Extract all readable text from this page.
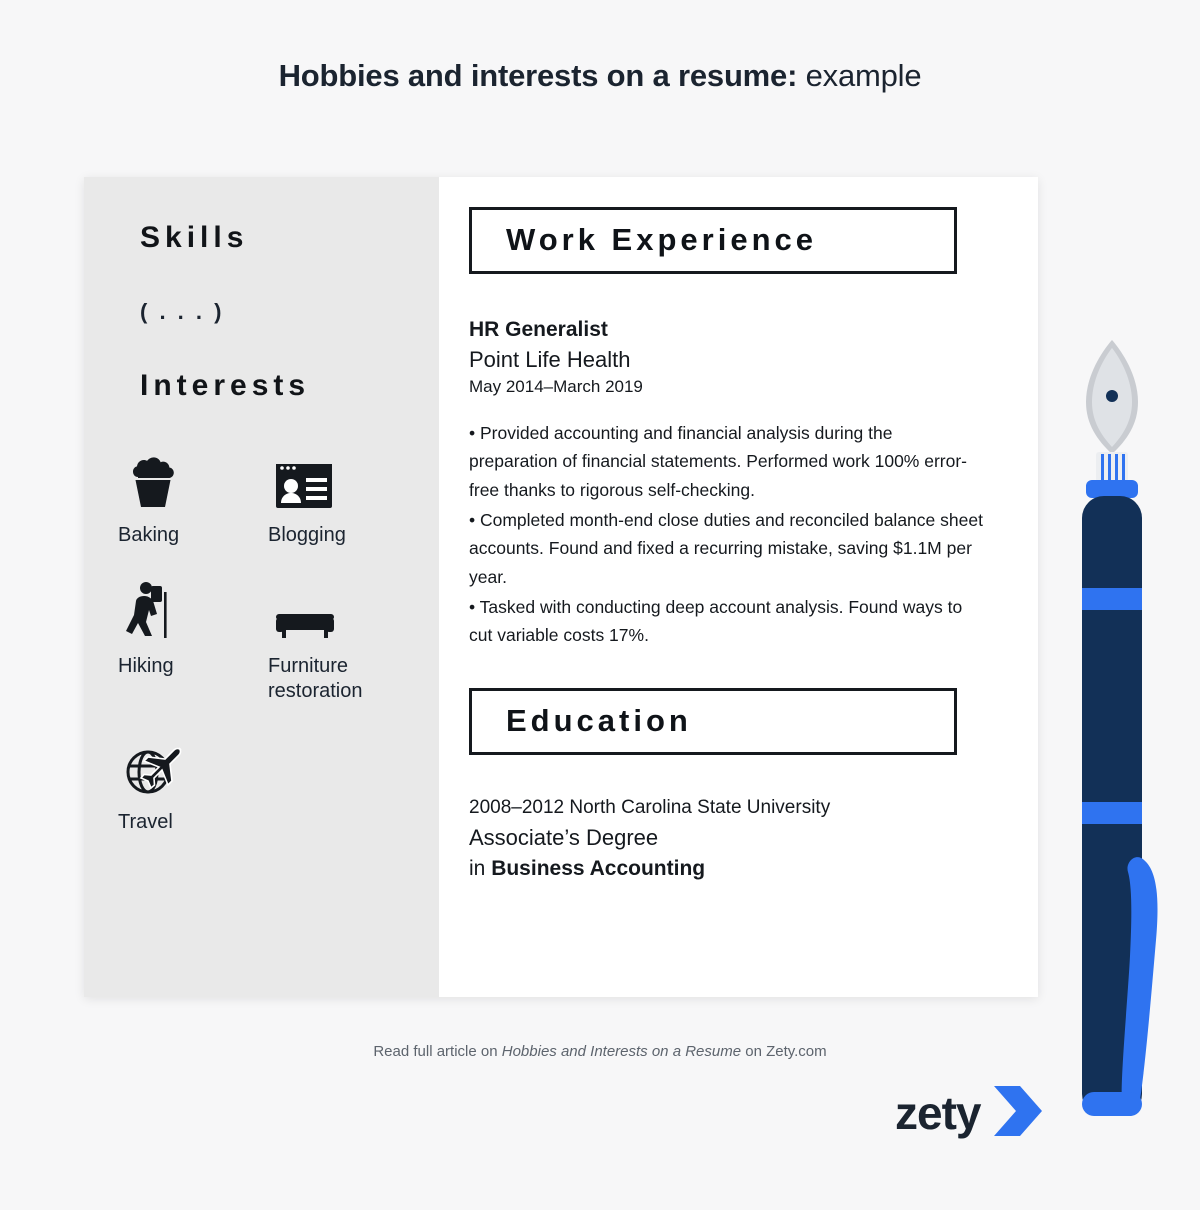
Hobbies and interests on a resume: example
Skills
( . . . )
Interests
Baking	Blogging
Hiking	Furniture restoration
Travel
Work Experience
HR Generalist
Point Life Health
May 2014–March 2019
• Provided accounting and financial analysis during the preparation of financial statements. Performed work 100% error-free thanks to rigorous self-checking.
• Completed month-end close duties and reconciled balance sheet accounts. Found and fixed a recurring mistake, saving $1.1M per year.
• Tasked with conducting deep account analysis. Found ways to cut variable costs 17%.
Education
2008–2012 North Carolina State University
Associate’s Degree
in Business Accounting
Read full article on Hobbies and Interests on a Resume on Zety.com
zety
